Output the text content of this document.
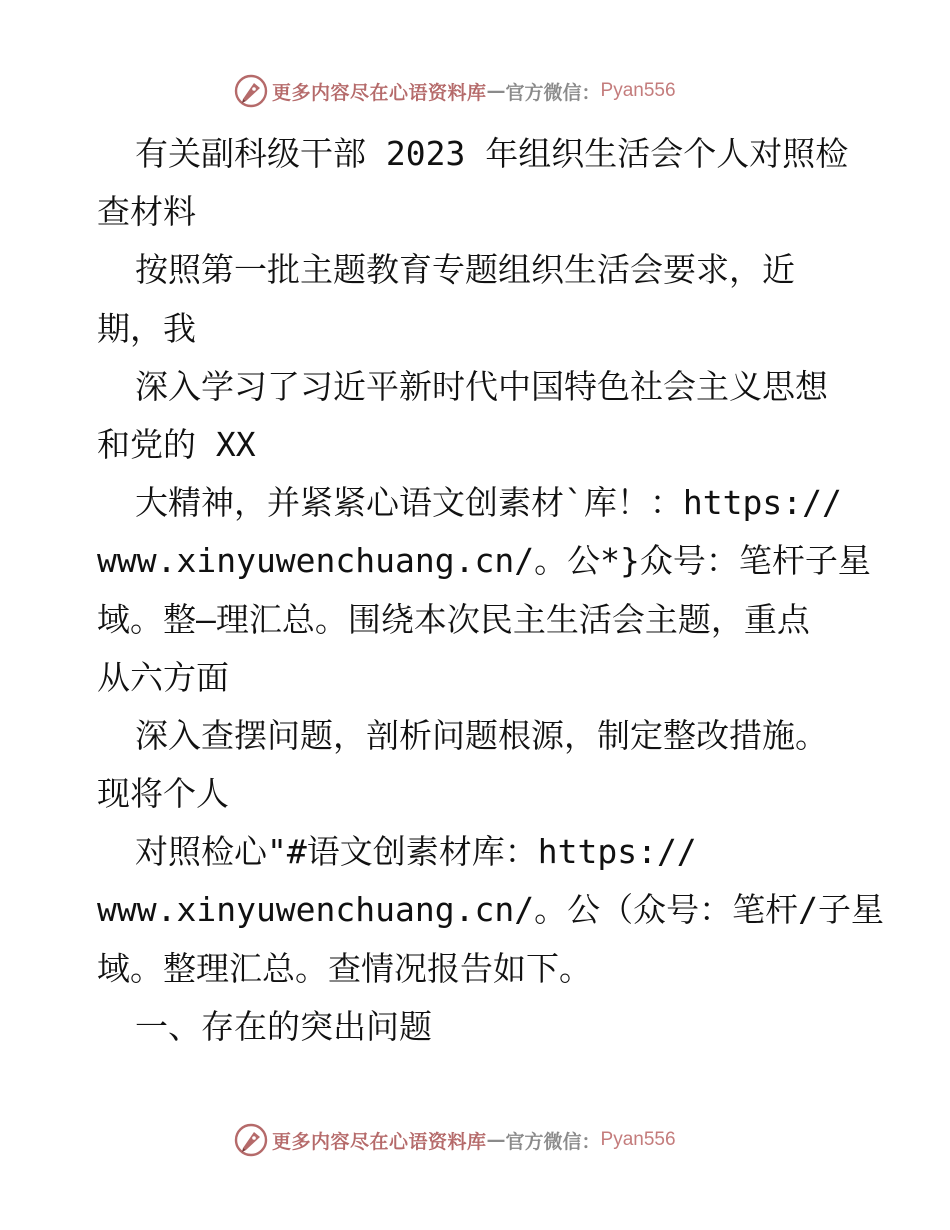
更多内容尽在心语资料库 — 官方微信： Pyan556
有关副科级干部 2023 年组织生活会个人对照检
查材料
按照第一批主题教育专题组织生活会要求，近
期，我
深入学习了习近平新时代中国特色社会主义思想
和党的 XX
大精神，并紧紧心语文创素材`库！：https://
www.xinyuwenchuang.cn/。公*}众号：笔杆子星
域。整—理汇总。围绕本次民主生活会主题，重点
从六方面
深入查摆问题，剖析问题根源，制定整改措施。
现将个人
对照检心"#语文创素材库：https://
www.xinyuwenchuang.cn/。公（众号：笔杆/子星
域。整理汇总。查情况报告如下。
一、存在的突出问题
更多内容尽在心语资料库 — 官方微信： Pyan556
